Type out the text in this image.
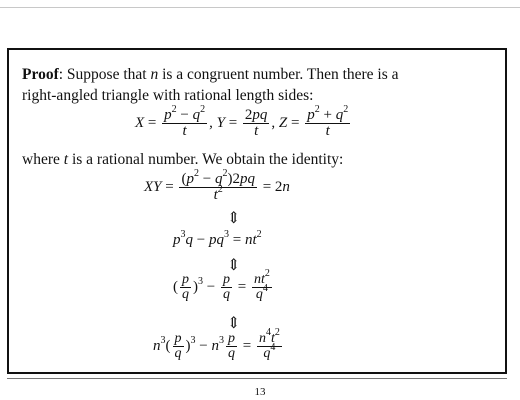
Proof: Suppose that n is a congruent number. Then there is a
right-angled triangle with rational length sides:
$X = \frac{p^2 - q^2}{t}$ , $Y = \frac{2pq}{t}$ , $Z = \frac{p^2 + q^2}{t}$
where t is a rational number. We obtain the identity:
XY = $\frac{(p^2 - q^2)2pq}{t^2} = 2n$
⇕
$p^3q - pq^3 = nt^2$
⇕
( $\frac{p}{q} )^3 - \frac{p}{q} = \frac{nt^2}{q^4}$
⇕
$n^3( \frac{p}{q} )^3 - n^3 \frac{p}{q} = \frac{n^4t^2}{q^4}$
13
